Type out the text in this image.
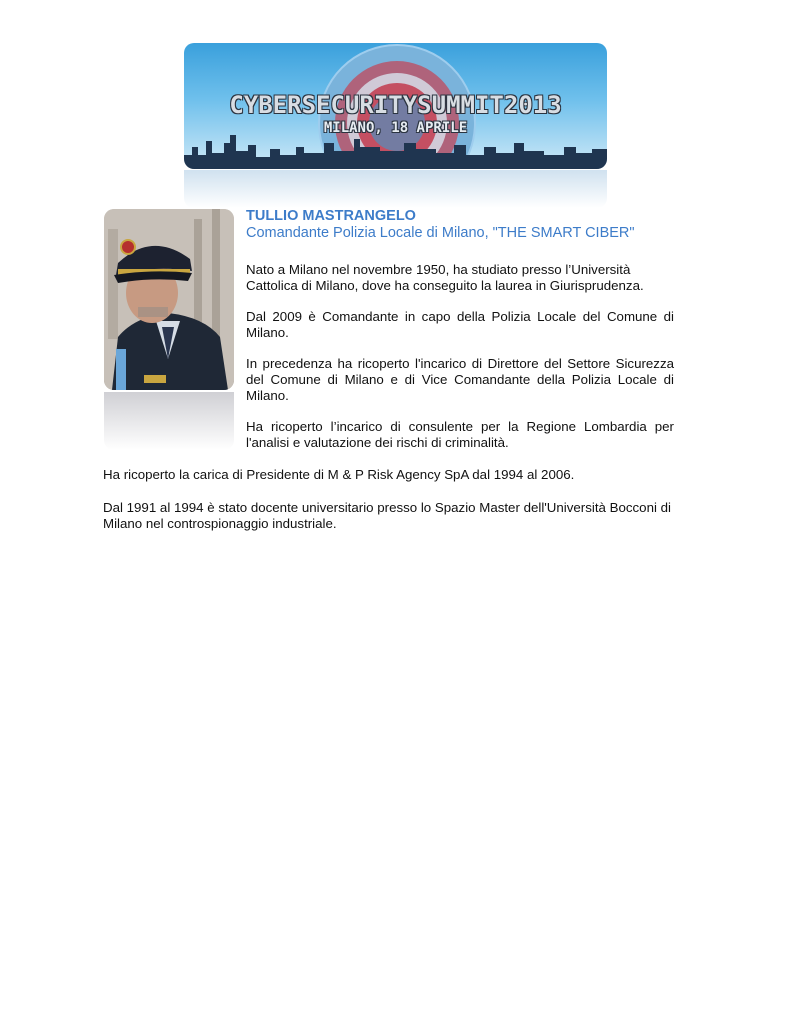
CYBERSECURITYSUMMIT2013
MILANO, 18 APRILE
TULLIO MASTRANGELO
Comandante Polizia Locale di Milano, "THE SMART CIBER"

Nato a Milano nel novembre 1950, ha studiato presso l’Università Cattolica di Milano, dove ha conseguito la laurea in Giurisprudenza.

Dal 2009 è Comandante in capo della Polizia Locale del Comune di Milano.

In precedenza ha ricoperto l'incarico di Direttore del Settore Sicurezza del Comune di Milano e di Vice Comandante della Polizia Locale di Milano.

Ha ricoperto l’incarico di consulente per la Regione Lombardia per l'analisi e valutazione dei rischi di criminalità.

Ha ricoperto la carica di Presidente di M & P Risk Agency SpA dal 1994 al 2006.

Dal 1991 al 1994 è stato docente universitario presso lo Spazio Master dell'Università Bocconi di Milano nel controspionaggio industriale.
